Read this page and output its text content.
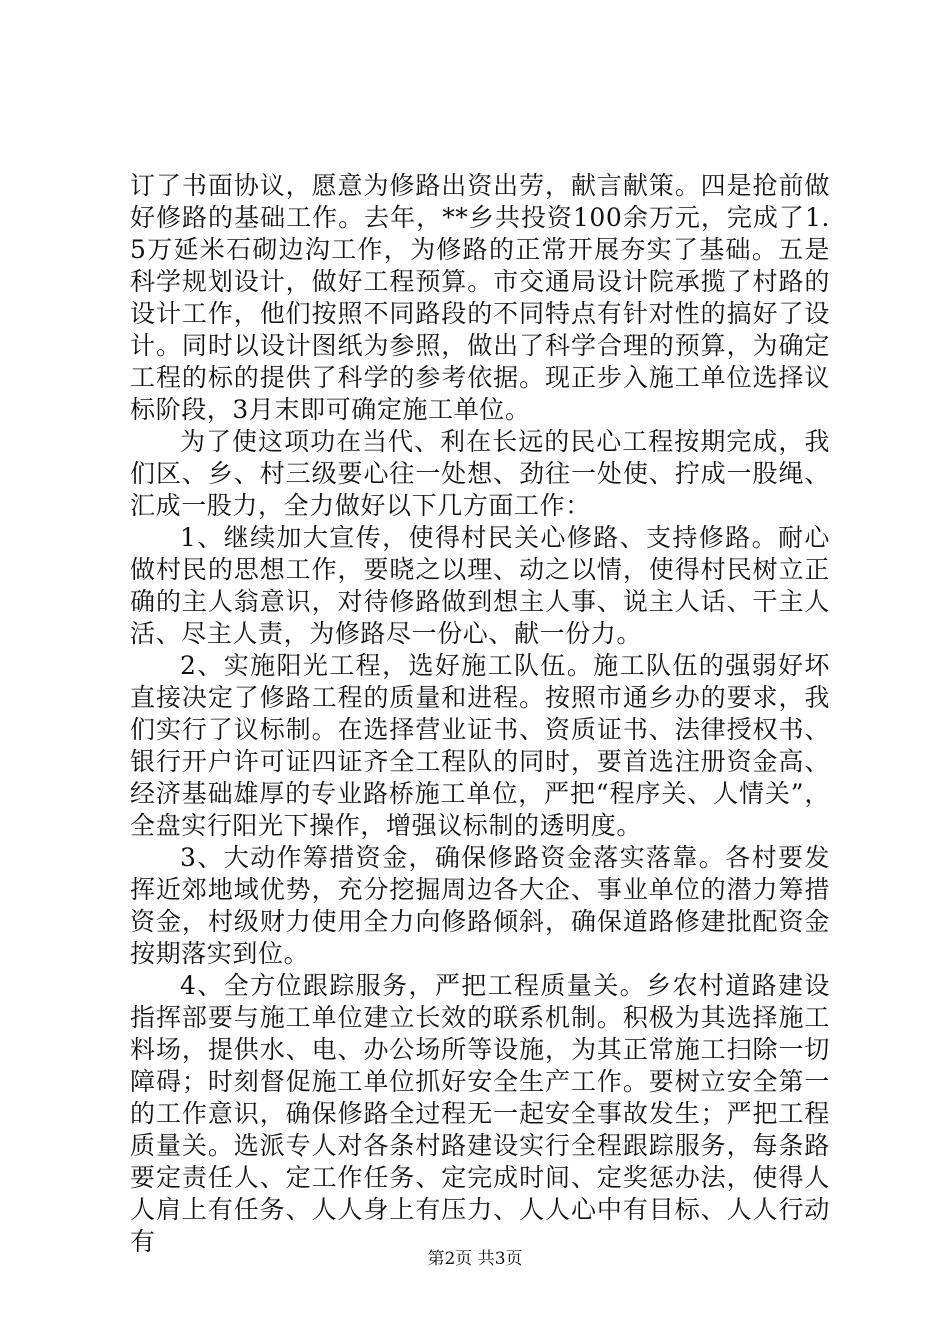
订了书面协议，愿意为修路出资出劳，献言献策。四是抢前做好修路的基础工作。去年，**乡共投资100余万元，完成了1.5万延米石砌边沟工作，为修路的正常开展夯实了基础。五是科学规划设计，做好工程预算。市交通局设计院承揽了村路的设计工作，他们按照不同路段的不同特点有针对性的搞好了设计。同时以设计图纸为参照，做出了科学合理的预算，为确定工程的标的提供了科学的参考依据。现正步入施工单位选择议标阶段，3月末即可确定施工单位。

为了使这项功在当代、利在长远的民心工程按期完成，我们区、乡、村三级要心往一处想、劲往一处使、拧成一股绳、汇成一股力，全力做好以下几方面工作：

1、继续加大宣传，使得村民关心修路、支持修路。耐心做村民的思想工作，要晓之以理、动之以情，使得村民树立正确的主人翁意识，对待修路做到想主人事、说主人话、干主人活、尽主人责，为修路尽一份心、献一份力。

2、实施阳光工程，选好施工队伍。施工队伍的强弱好坏直接决定了修路工程的质量和进程。按照市通乡办的要求，我们实行了议标制。在选择营业证书、资质证书、法律授权书、银行开户许可证四证齐全工程队的同时，要首选注册资金高、经济基础雄厚的专业路桥施工单位，严把“程序关、人情关”，全盘实行阳光下操作，增强议标制的透明度。

3、大动作筹措资金，确保修路资金落实落靠。各村要发挥近郊地域优势，充分挖掘周边各大企、事业单位的潜力筹措资金，村级财力使用全力向修路倾斜，确保道路修建批配资金按期落实到位。

4、全方位跟踪服务，严把工程质量关。乡农村道路建设指挥部要与施工单位建立长效的联系机制。积极为其选择施工料场，提供水、电、办公场所等设施，为其正常施工扫除一切障碍；时刻督促施工单位抓好安全生产工作。要树立安全第一的工作意识，确保修路全过程无一起安全事故发生；严把工程质量关。选派专人对各条村路建设实行全程跟踪服务，每条路要定责任人、定工作任务、定完成时间、定奖惩办法，使得人人肩上有任务、人人身上有压力、人人心中有目标、人人行动有

第2页 共3页
